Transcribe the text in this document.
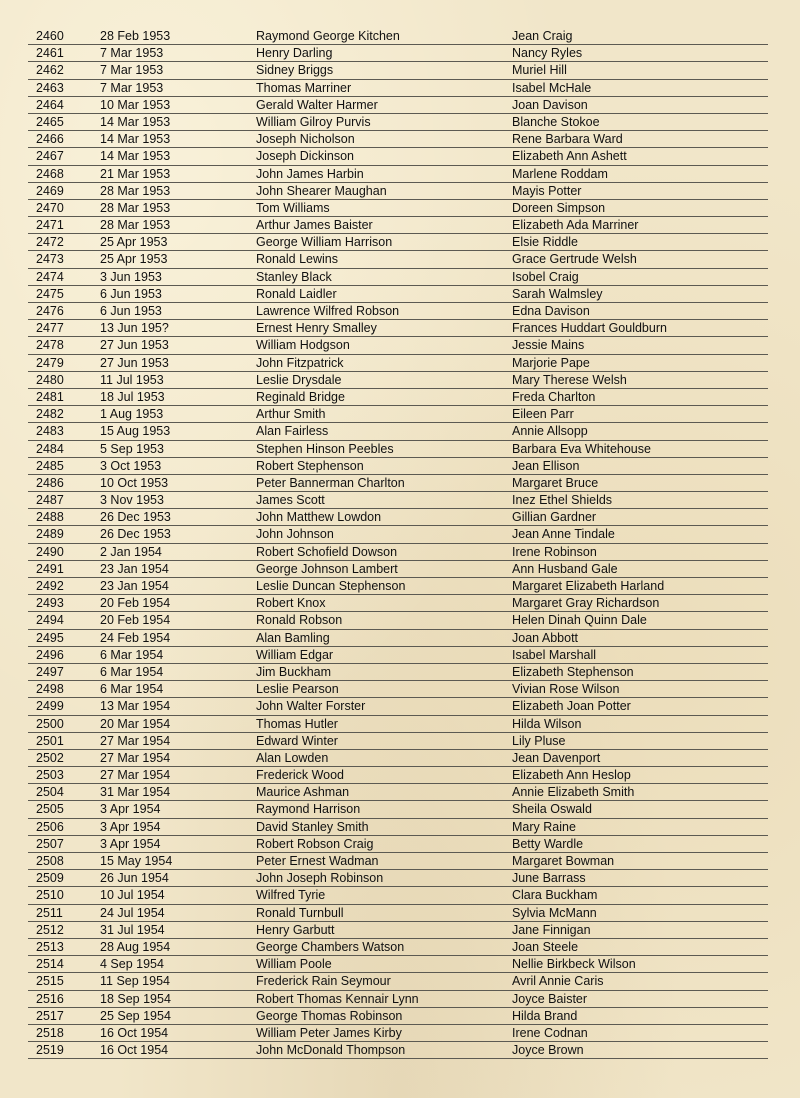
2460	28 Feb 1953	Raymond George Kitchen	Jean Craig
2461	7 Mar 1953	Henry Darling	Nancy Ryles
2462	7 Mar 1953	Sidney Briggs	Muriel Hill
2463	7 Mar 1953	Thomas Marriner	Isabel McHale
2464	10 Mar 1953	Gerald Walter Harmer	Joan Davison
2465	14 Mar 1953	William Gilroy Purvis	Blanche Stokoe
2466	14 Mar 1953	Joseph Nicholson	Rene Barbara Ward
2467	14 Mar 1953	Joseph Dickinson	Elizabeth Ann Ashett
2468	21 Mar 1953	John James Harbin	Marlene Roddam
2469	28 Mar 1953	John Shearer Maughan	Mayis Potter
2470	28 Mar 1953	Tom Williams	Doreen Simpson
2471	28 Mar 1953	Arthur James Baister	Elizabeth Ada Marriner
2472	25 Apr 1953	George William Harrison	Elsie Riddle
2473	25 Apr 1953	Ronald Lewins	Grace Gertrude Welsh
2474	3 Jun 1953	Stanley Black	Isobel Craig
2475	6 Jun 1953	Ronald Laidler	Sarah Walmsley
2476	6 Jun 1953	Lawrence Wilfred Robson	Edna Davison
2477	13 Jun 195?	Ernest Henry Smalley	Frances Huddart Gouldburn
2478	27 Jun 1953	William Hodgson	Jessie Mains
2479	27 Jun 1953	John Fitzpatrick	Marjorie Pape
2480	11 Jul 1953	Leslie Drysdale	Mary Therese Welsh
2481	18 Jul 1953	Reginald Bridge	Freda Charlton
2482	1 Aug 1953	Arthur Smith	Eileen Parr
2483	15 Aug 1953	Alan Fairless	Annie Allsopp
2484	5 Sep 1953	Stephen Hinson Peebles	Barbara Eva Whitehouse
2485	3 Oct 1953	Robert Stephenson	Jean Ellison
2486	10 Oct 1953	Peter Bannerman Charlton	Margaret Bruce
2487	3 Nov 1953	James Scott	Inez Ethel Shields
2488	26 Dec 1953	John Matthew Lowdon	Gillian Gardner
2489	26 Dec 1953	John Johnson	Jean Anne Tindale
2490	2 Jan 1954	Robert Schofield Dowson	Irene Robinson
2491	23 Jan 1954	George Johnson Lambert	Ann Husband Gale
2492	23 Jan 1954	Leslie Duncan Stephenson	Margaret Elizabeth Harland
2493	20 Feb 1954	Robert Knox	Margaret Gray Richardson
2494	20 Feb 1954	Ronald Robson	Helen Dinah Quinn Dale
2495	24 Feb 1954	Alan Bamling	Joan Abbott
2496	6 Mar 1954	William Edgar	Isabel Marshall
2497	6 Mar 1954	Jim Buckham	Elizabeth Stephenson
2498	6 Mar 1954	Leslie Pearson	Vivian Rose Wilson
2499	13 Mar 1954	John Walter Forster	Elizabeth Joan Potter
2500	20 Mar 1954	Thomas Hutler	Hilda Wilson
2501	27 Mar 1954	Edward Winter	Lily Pluse
2502	27 Mar 1954	Alan Lowden	Jean Davenport
2503	27 Mar 1954	Frederick Wood	Elizabeth Ann Heslop
2504	31 Mar 1954	Maurice Ashman	Annie Elizabeth Smith
2505	3 Apr 1954	Raymond Harrison	Sheila Oswald
2506	3 Apr 1954	David Stanley Smith	Mary Raine
2507	3 Apr 1954	Robert Robson Craig	Betty Wardle
2508	15 May 1954	Peter Ernest Wadman	Margaret Bowman
2509	26 Jun 1954	John Joseph Robinson	June Barrass
2510	10 Jul 1954	Wilfred Tyrie	Clara Buckham
2511	24 Jul 1954	Ronald Turnbull	Sylvia McMann
2512	31 Jul 1954	Henry Garbutt	Jane Finnigan
2513	28 Aug 1954	George Chambers Watson	Joan Steele
2514	4 Sep 1954	William Poole	Nellie Birkbeck Wilson
2515	11 Sep 1954	Frederick Rain Seymour	Avril Annie Caris
2516	18 Sep 1954	Robert Thomas Kennair Lynn	Joyce Baister
2517	25 Sep 1954	George Thomas Robinson	Hilda Brand
2518	16 Oct 1954	William Peter James Kirby	Irene Codnan
2519	16 Oct 1954	John McDonald Thompson	Joyce Brown
